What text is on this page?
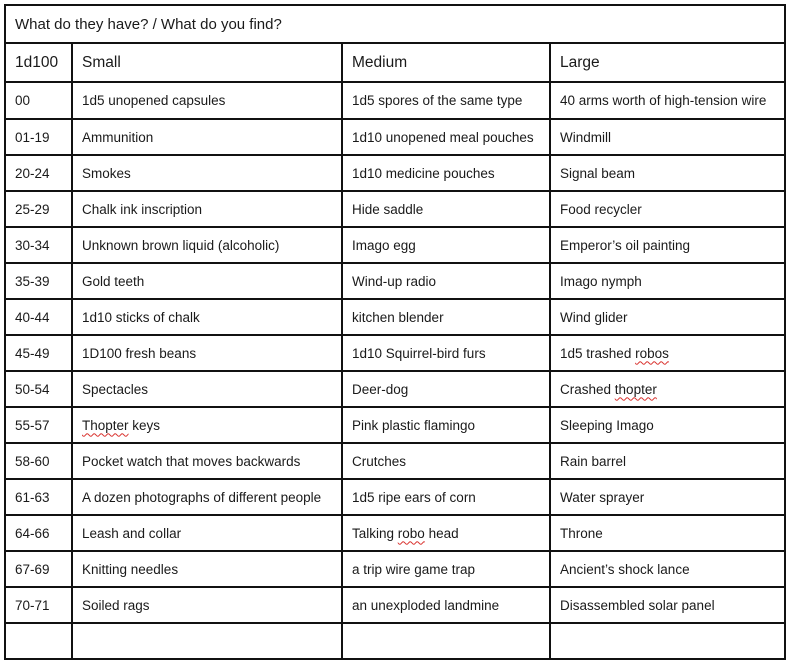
What do they have? / What do you find?			
1d100	Small	Medium	Large
00	1d5 unopened capsules	1d5 spores of the same type	40 arms worth of high-tension wire
01-19	Ammunition	1d10 unopened meal pouches	Windmill
20-24	Smokes	1d10 medicine pouches	Signal beam
25-29	Chalk ink inscription	Hide saddle	Food recycler
30-34	Unknown brown liquid (alcoholic)	Imago egg	Emperor’s oil painting
35-39	Gold teeth	Wind-up radio	Imago nymph
40-44	1d10 sticks of chalk	kitchen blender	Wind glider
45-49	1D100 fresh beans	1d10 Squirrel-bird furs	1d5 trashed robos
50-54	Spectacles	Deer-dog	Crashed thopter
55-57	Thopter keys	Pink plastic flamingo	Sleeping Imago
58-60	Pocket watch that moves backwards	Crutches	Rain barrel
61-63	A dozen photographs of different people	1d5 ripe ears of corn	Water sprayer
64-66	Leash and collar	Talking robo head	Throne
67-69	Knitting needles	a trip wire game trap	Ancient’s shock lance
70-71	Soiled rags	an unexploded landmine	Disassembled solar panel
